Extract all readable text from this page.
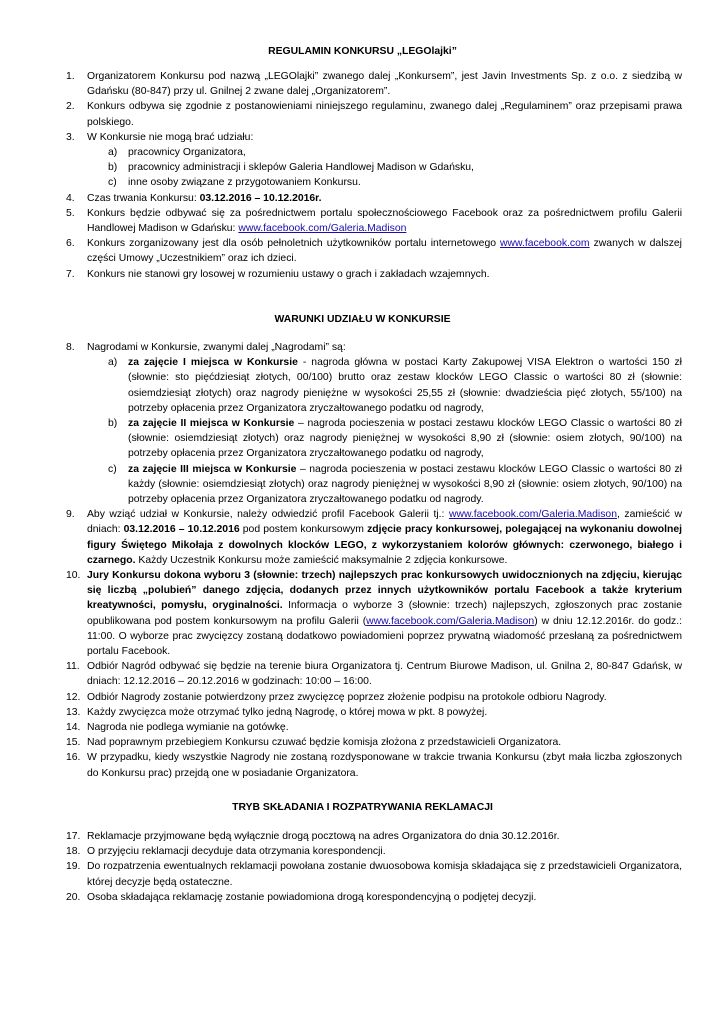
REGULAMIN KONKURSU „LEGOlajki”
1. Organizatorem Konkursu pod nazwą „LEGOlajki” zwanego dalej „Konkursem”, jest Javin Investments Sp. z o.o. z siedzibą w Gdańsku (80-847) przy ul. Gnilnej 2 zwane dalej „Organizatorem”.
2. Konkurs odbywa się zgodnie z postanowieniami niniejszego regulaminu, zwanego dalej „Regulaminem” oraz przepisami prawa polskiego.
3. W Konkursie nie mogą brać udziału:
a) pracownicy Organizatora,
b) pracownicy administracji i sklepów Galeria Handlowej Madison w Gdańsku,
c) inne osoby związane z przygotowaniem Konkursu.
4. Czas trwania Konkursu: 03.12.2016 – 10.12.2016r.
5. Konkurs będzie odbywać się za pośrednictwem portalu społecznościowego Facebook oraz za pośrednictwem profilu Galerii Handlowej Madison w Gdańsku: www.facebook.com/Galeria.Madison
6. Konkurs zorganizowany jest dla osób pełnoletnich użytkowników portalu internetowego www.facebook.com zwanych w dalszej części Umowy „Uczestnikiem” oraz ich dzieci.
7. Konkurs nie stanowi gry losowej w rozumieniu ustawy o grach i zakładach wzajemnych.
WARUNKI UDZIAŁU W KONKURSIE
8. Nagrodami w Konkursie, zwanymi dalej „Nagrodami” są:
a) za zajęcie I miejsca w Konkursie - nagroda główna w postaci Karty Zakupowej VISA Elektron o wartości 150 zł (słownie: sto pięćdziesiąt złotych, 00/100) brutto oraz zestaw klocków LEGO Classic o wartości 80 zł (słownie: osiemdziesiąt złotych) oraz nagrody pieniężne w wysokości 25,55 zł (słownie: dwadzieścia pięć złotych, 55/100) na potrzeby opłacenia przez Organizatora zryczałtowanego podatku od nagrody,
b) za zajęcie II miejsca w Konkursie – nagroda pocieszenia w postaci zestawu klocków LEGO Classic o wartości 80 zł (słownie: osiemdziesiąt złotych) oraz nagrody pieniężnej w wysokości 8,90 zł (słownie: osiem złotych, 90/100) na potrzeby opłacenia przez Organizatora zryczałtowanego podatku od nagrody,
c) za zajęcie III miejsca w Konkursie – nagroda pocieszenia w postaci zestawu klocków LEGO Classic o wartości 80 zł każdy (słownie: osiemdziesiąt złotych) oraz nagrody pieniężnej w wysokości 8,90 zł (słownie: osiem złotych, 90/100) na potrzeby opłacenia przez Organizatora zryczałtowanego podatku od nagrody.
9. Aby wziąć udział w Konkursie, należy odwiedzić profil Facebook Galerii tj.: www.facebook.com/Galeria.Madison, zamieścić w dniach: 03.12.2016 – 10.12.2016 pod postem konkursowym zdjęcie pracy konkursowej, polegającej na wykonaniu dowolnej figury Świętego Mikołaja z dowolnych klocków LEGO, z wykorzystaniem kolorów głównych: czerwonego, białego i czarnego. Każdy Uczestnik Konkursu może zamieścić maksymalnie 2 zdjęcia konkursowe.
10. Jury Konkursu dokona wyboru 3 (słownie: trzech) najlepszych prac konkursowych uwidocznionych na zdjęciu, kierując się liczbą „polubień” danego zdjęcia, dodanych przez innych użytkowników portalu Facebook a także kryterium kreatywności, pomysłu, oryginalności. Informacja o wyborze 3 (słownie: trzech) najlepszych, zgłoszonych prac zostanie opublikowana pod postem konkursowym na profilu Galerii (www.facebook.com/Galeria.Madison) w dniu 12.12.2016r. do godz.: 11:00. O wyborze prac zwycięzcy zostaną dodatkowo powiadomieni poprzez prywatną wiadomość przesłaną za pośrednictwem portalu Facebook.
11. Odbiór Nagród odbywać się będzie na terenie biura Organizatora tj. Centrum Biurowe Madison, ul. Gnilna 2, 80-847 Gdańsk, w dniach: 12.12.2016 – 20.12.2016 w godzinach: 10:00 – 16:00.
12. Odbiór Nagrody zostanie potwierdzony przez zwycięzcę poprzez złożenie podpisu na protokole odbioru Nagrody.
13. Każdy zwycięzca może otrzymać tylko jedną Nagrodę, o której mowa w pkt. 8 powyżej.
14. Nagroda nie podlega wymianie na gotówkę.
15. Nad poprawnym przebiegiem Konkursu czuwać będzie komisja złożona z przedstawicieli Organizatora.
16. W przypadku, kiedy wszystkie Nagrody nie zostaną rozdysponowane w trakcie trwania Konkursu (zbyt mała liczba zgłoszonych do Konkursu prac) przejdą one w posiadanie Organizatora.
TRYB SKŁADANIA I ROZPATRYWANIA REKLAMACJI
17. Reklamacje przyjmowane będą wyłącznie drogą pocztową na adres Organizatora do dnia 30.12.2016r.
18. O przyjęciu reklamacji decyduje data otrzymania korespondencji.
19. Do rozpatrzenia ewentualnych reklamacji powołana zostanie dwuosobowa komisja składająca się z przedstawicieli Organizatora, której decyzje będą ostateczne.
20. Osoba składająca reklamację zostanie powiadomiona drogą korespondencyjną o podjętej decyzji.
